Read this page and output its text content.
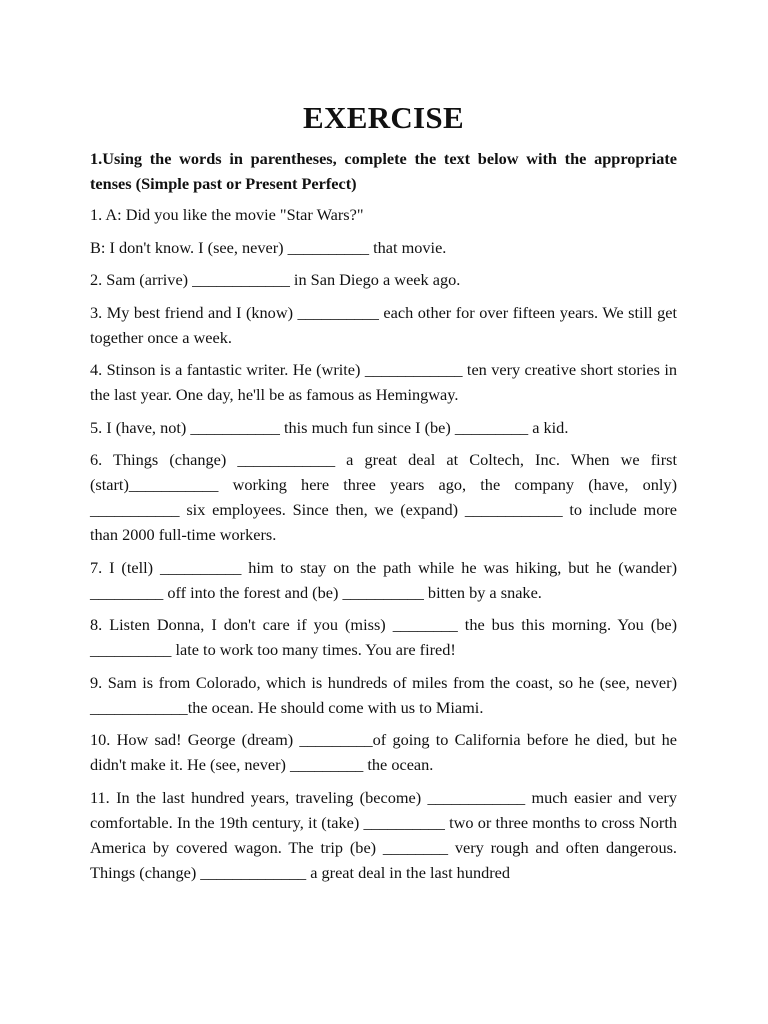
EXERCISE
1.Using the words in parentheses, complete the text below with the appropriate tenses (Simple past or Present Perfect)
1. A: Did you like the movie "Star Wars?"
B: I don't know. I (see, never) __________ that movie.
2. Sam (arrive) ____________ in San Diego a week ago.
3. My best friend and I (know) __________ each other for over fifteen years. We still get together once a week.
4. Stinson is a fantastic writer. He (write) ____________ ten very creative short stories in the last year. One day, he'll be as famous as Hemingway.
5. I (have, not) ___________ this much fun since I (be) _________ a kid.
6. Things (change) ____________ a great deal at Coltech, Inc. When we first (start)___________ working here three years ago, the company (have, only) ___________ six employees. Since then, we (expand) ____________ to include more than 2000 full-time workers.
7. I (tell) __________ him to stay on the path while he was hiking, but he (wander) _________ off into the forest and (be) __________ bitten by a snake.
8. Listen Donna, I don't care if you (miss) ________ the bus this morning. You (be) __________ late to work too many times. You are fired!
9. Sam is from Colorado, which is hundreds of miles from the coast, so he (see, never) ____________the ocean. He should come with us to Miami.
10. How sad! George (dream) _________of going to California before he died, but he didn't make it. He (see, never) _________ the ocean.
11. In the last hundred years, traveling (become) ____________ much easier and very comfortable. In the 19th century, it (take) __________ two or three months to cross North America by covered wagon. The trip (be) ________ very rough and often dangerous. Things (change) _____________ a great deal in the last hundred
